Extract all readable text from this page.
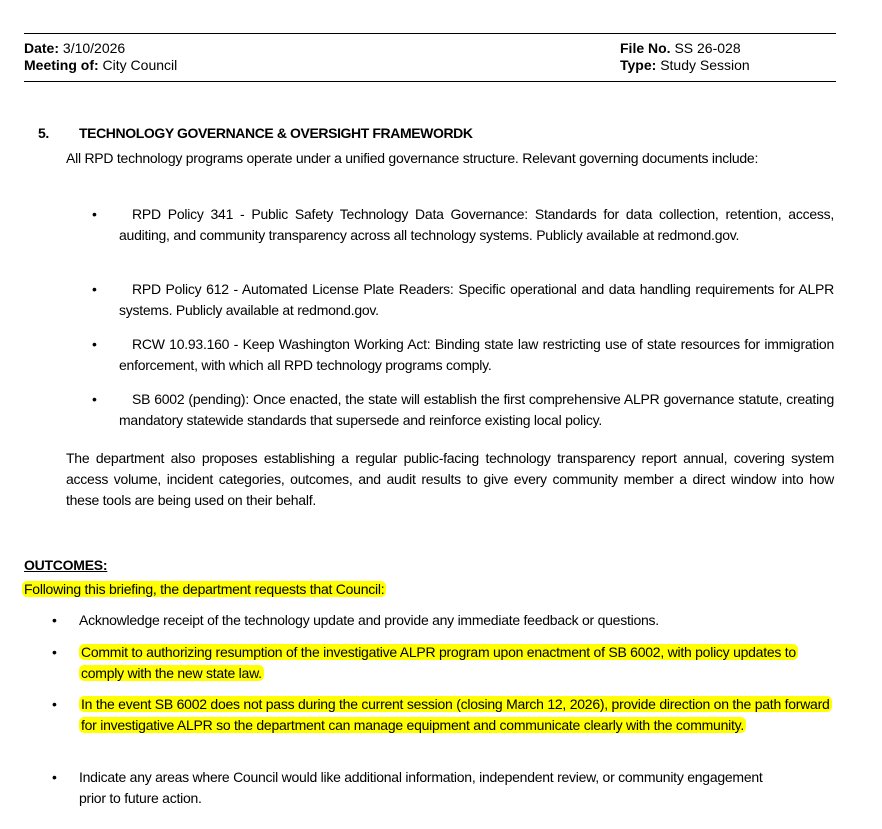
Date: 3/10/2026
Meeting of: City Council
File No. SS 26-028
Type: Study Session
5. TECHNOLOGY GOVERNANCE & OVERSIGHT FRAMEWORDK
All RPD technology programs operate under a unified governance structure. Relevant governing documents include:
•	RPD Policy 341 - Public Safety Technology Data Governance: Standards for data collection, retention, access, auditing, and community transparency across all technology systems. Publicly available at redmond.gov.
•	RPD Policy 612 - Automated License Plate Readers: Specific operational and data handling requirements for ALPR systems. Publicly available at redmond.gov.
•	RCW 10.93.160 - Keep Washington Working Act: Binding state law restricting use of state resources for immigration enforcement, with which all RPD technology programs comply.
•	SB 6002 (pending): Once enacted, the state will establish the first comprehensive ALPR governance statute, creating mandatory statewide standards that supersede and reinforce existing local policy.
The department also proposes establishing a regular public-facing technology transparency report annual, covering system access volume, incident categories, outcomes, and audit results to give every community member a direct window into how these tools are being used on their behalf.
OUTCOMES:
Following this briefing, the department requests that Council:
• Acknowledge receipt of the technology update and provide any immediate feedback or questions.
• Commit to authorizing resumption of the investigative ALPR program upon enactment of SB 6002, with policy updates to comply with the new state law.
• In the event SB 6002 does not pass during the current session (closing March 12, 2026), provide direction on the path forward for investigative ALPR so the department can manage equipment and communicate clearly with the community.
• Indicate any areas where Council would like additional information, independent review, or community engagement prior to future action.
